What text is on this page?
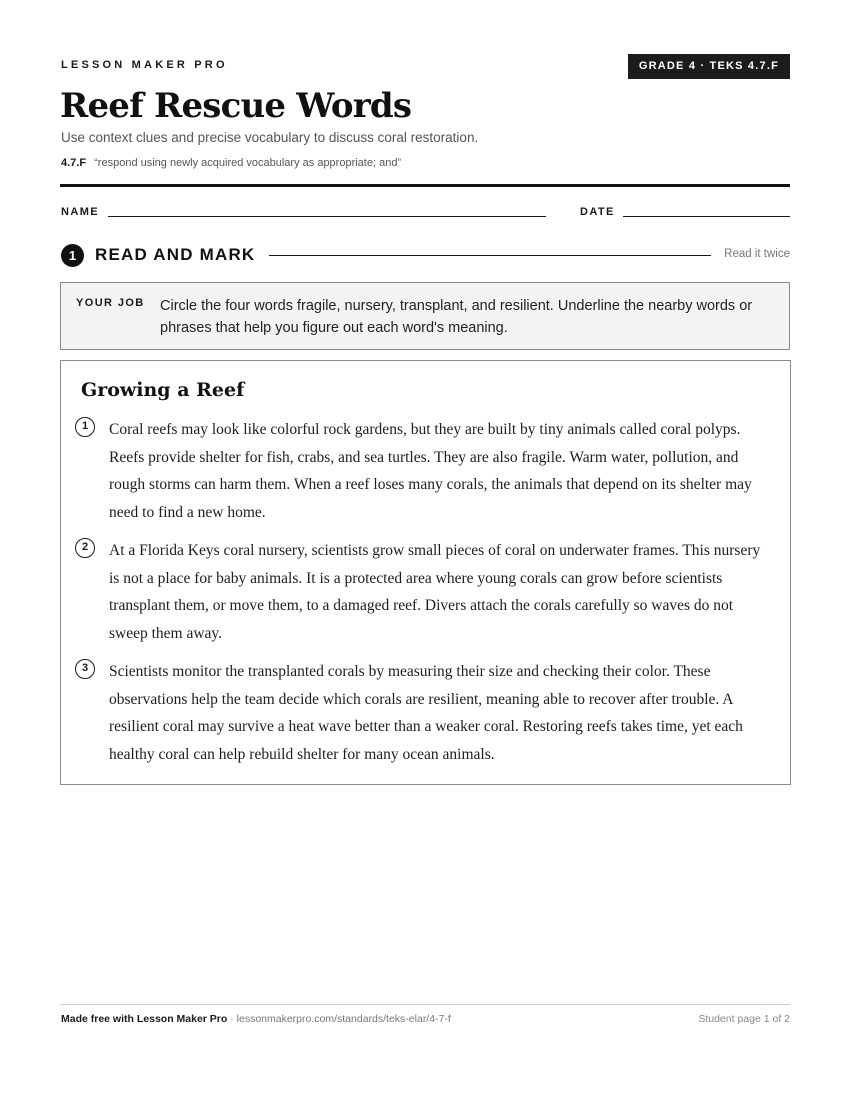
LESSON MAKER PRO	GRADE 4 · TEKS 4.7.F
Reef Rescue Words
Use context clues and precise vocabulary to discuss coral restoration.
4.7.F “respond using newly acquired vocabulary as appropriate; and”
NAME	DATE
1	READ AND MARK	Read it twice
YOUR JOB Circle the four words fragile, nursery, transplant, and resilient. Underline the nearby words or phrases that help you figure out each word's meaning.
Growing a Reef
1	Coral reefs may look like colorful rock gardens, but they are built by tiny animals called coral polyps. Reefs provide shelter for fish, crabs, and sea turtles. They are also fragile. Warm water, pollution, and rough storms can harm them. When a reef loses many corals, the animals that depend on its shelter may need to find a new home.
2	At a Florida Keys coral nursery, scientists grow small pieces of coral on underwater frames. This nursery is not a place for baby animals. It is a protected area where young corals can grow before scientists transplant them, or move them, to a damaged reef. Divers attach the corals carefully so waves do not sweep them away.
3	Scientists monitor the transplanted corals by measuring their size and checking their color. These observations help the team decide which corals are resilient, meaning able to recover after trouble. A resilient coral may survive a heat wave better than a weaker coral. Restoring reefs takes time, yet each healthy coral can help rebuild shelter for many ocean animals.
Made free with Lesson Maker Pro · lessonmakerpro.com/standards/teks-elar/4-7-f	Student page 1 of 2
